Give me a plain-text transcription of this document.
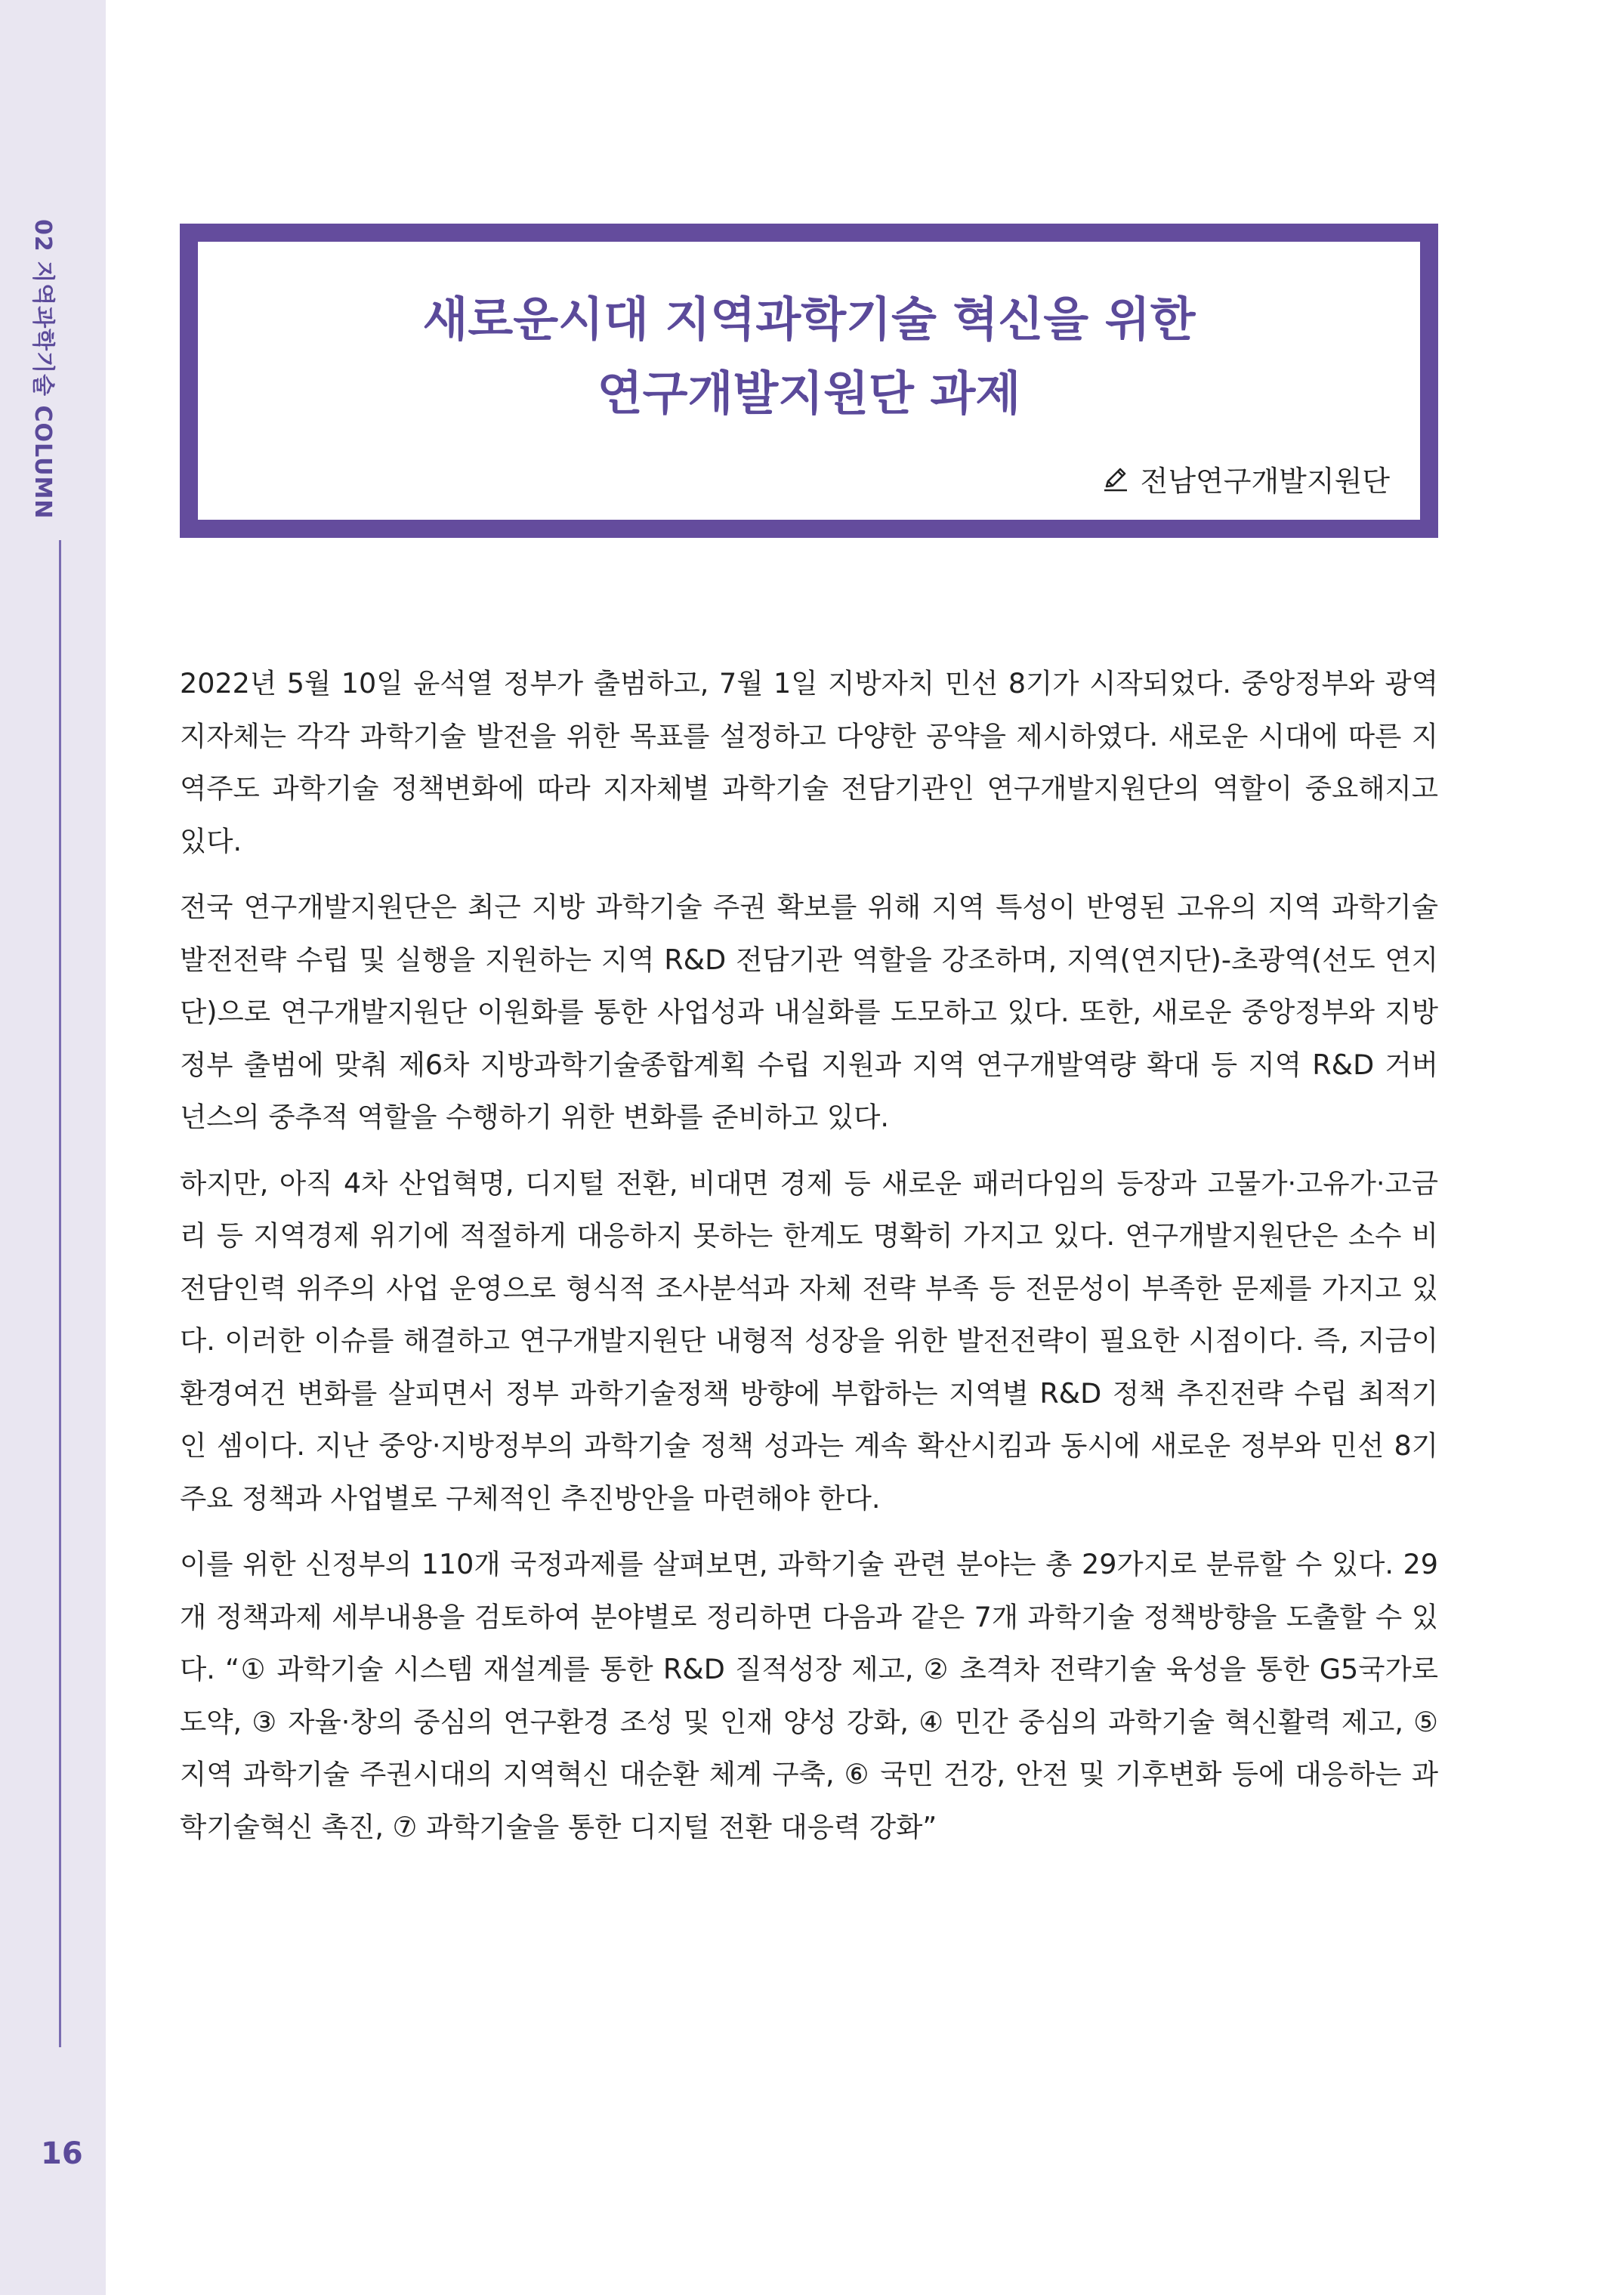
02 지역과학기술 COLUMN
16
새로운시대 지역과학기술 혁신을 위한
연구개발지원단 과제
전남연구개발지원단

2022년 5월 10일 윤석열 정부가 출범하고, 7월 1일 지방자치 민선 8기가 시작되었다. 중앙정부와 광역지자체는 각각 과학기술 발전을 위한 목표를 설정하고 다양한 공약을 제시하였다. 새로운 시대에 따른 지역주도 과학기술 정책변화에 따라 지자체별 과학기술 전담기관인 연구개발지원단의 역할이 중요해지고 있다.

전국 연구개발지원단은 최근 지방 과학기술 주권 확보를 위해 지역 특성이 반영된 고유의 지역 과학기술 발전전략 수립 및 실행을 지원하는 지역 R&D 전담기관 역할을 강조하며, 지역(연지단)-초광역(선도 연지단)으로 연구개발지원단 이원화를 통한 사업성과 내실화를 도모하고 있다. 또한, 새로운 중앙정부와 지방정부 출범에 맞춰 제6차 지방과학기술종합계획 수립 지원과 지역 연구개발역량 확대 등 지역 R&D 거버넌스의 중추적 역할을 수행하기 위한 변화를 준비하고 있다.

하지만, 아직 4차 산업혁명, 디지털 전환, 비대면 경제 등 새로운 패러다임의 등장과 고물가·고유가·고금리 등 지역경제 위기에 적절하게 대응하지 못하는 한계도 명확히 가지고 있다. 연구개발지원단은 소수 비전담인력 위주의 사업 운영으로 형식적 조사분석과 자체 전략 부족 등 전문성이 부족한 문제를 가지고 있다. 이러한 이슈를 해결하고 연구개발지원단 내형적 성장을 위한 발전전략이 필요한 시점이다. 즉, 지금이 환경여건 변화를 살피면서 정부 과학기술정책 방향에 부합하는 지역별 R&D 정책 추진전략 수립 최적기인 셈이다. 지난 중앙·지방정부의 과학기술 정책 성과는 계속 확산시킴과 동시에 새로운 정부와 민선 8기 주요 정책과 사업별로 구체적인 추진방안을 마련해야 한다.

이를 위한 신정부의 110개 국정과제를 살펴보면, 과학기술 관련 분야는 총 29가지로 분류할 수 있다. 29개 정책과제 세부내용을 검토하여 분야별로 정리하면 다음과 같은 7개 과학기술 정책방향을 도출할 수 있다. “① 과학기술 시스템 재설계를 통한 R&D 질적성장 제고, ② 초격차 전략기술 육성을 통한 G5국가로 도약, ③ 자율·창의 중심의 연구환경 조성 및 인재 양성 강화, ④ 민간 중심의 과학기술 혁신활력 제고, ⑤ 지역 과학기술 주권시대의 지역혁신 대순환 체계 구축, ⑥ 국민 건강, 안전 및 기후변화 등에 대응하는 과학기술혁신 촉진, ⑦ 과학기술을 통한 디지털 전환 대응력 강화”
